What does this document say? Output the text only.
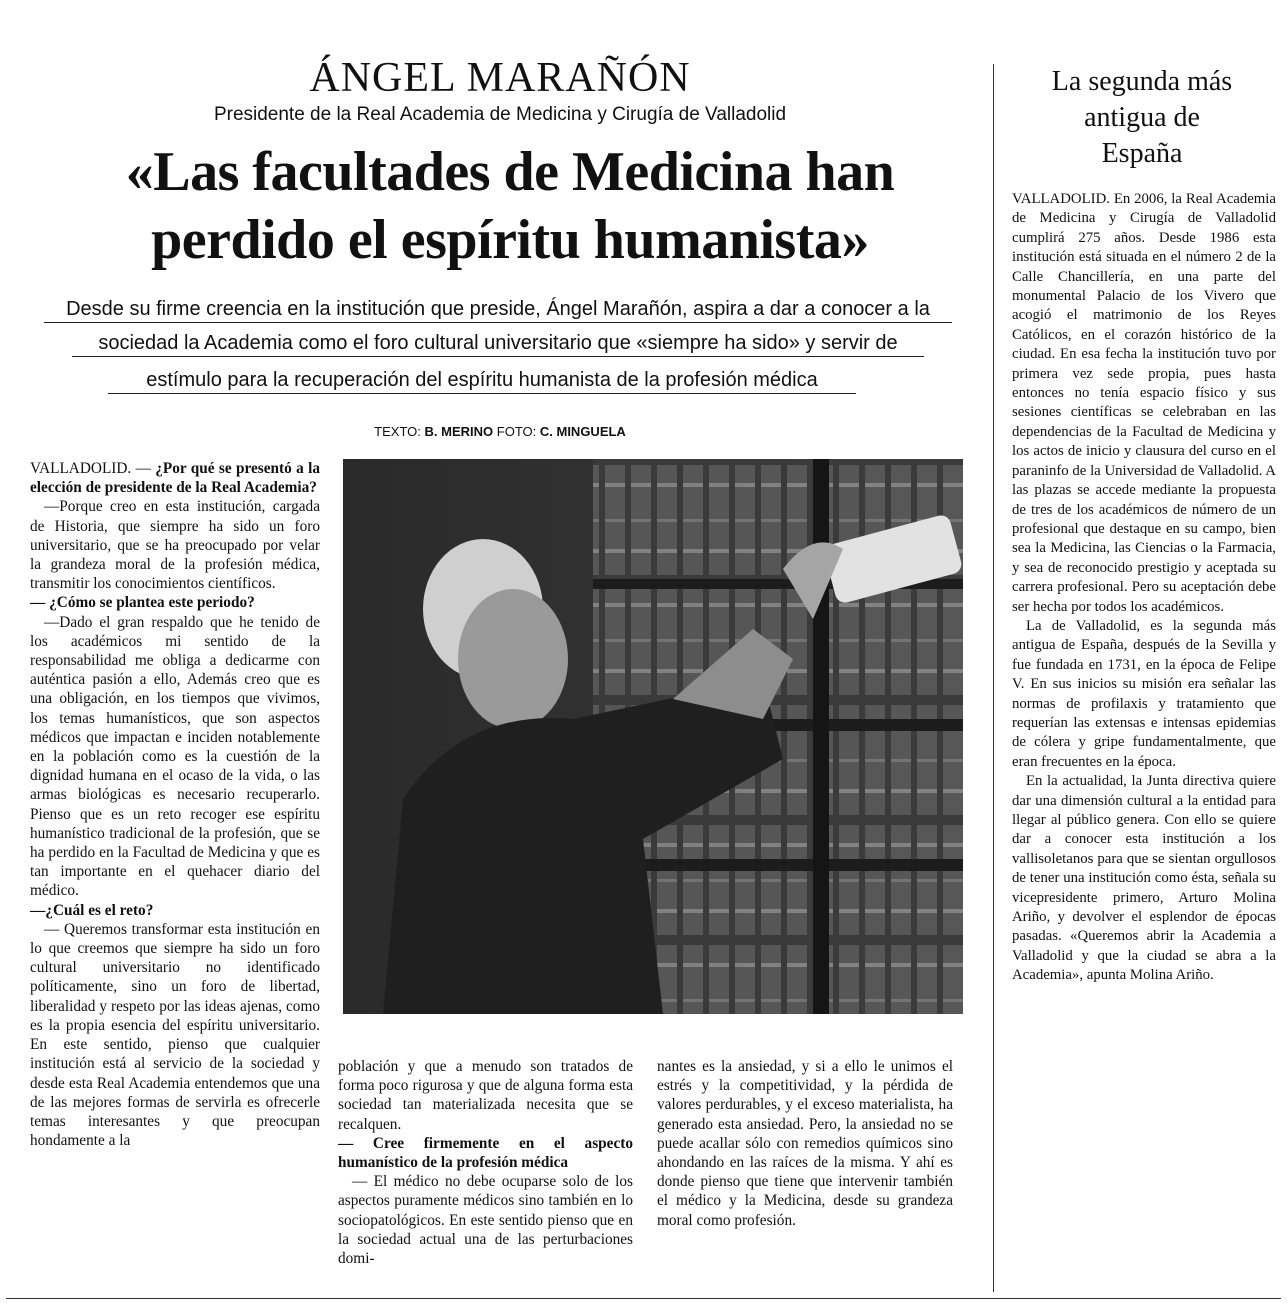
ÁNGEL MARAÑÓN
Presidente de la Real Academia de Medicina y Cirugía de Valladolid
«Las facultades de Medicina han
perdido el espíritu humanista»
Desde su firme creencia en la institución que preside, Ángel Marañón, aspira a dar a conocer a la
sociedad la Academia como el foro cultural universitario que «siempre ha sido» y servir de
estímulo para la recuperación del espíritu humanista de la profesión médica
TEXTO: B. MERINO FOTO: C. MINGUELA

VALLADOLID. — ¿Por qué se presentó a la elección de presidente de la Real Academia?

—Porque creo en esta institución, cargada de Historia, que siempre ha sido un foro universitario, que se ha preocupado por velar la grandeza moral de la profesión médica, transmitir los conocimientos científicos.

— ¿Cómo se plantea este periodo?

—Dado el gran respaldo que he tenido de los académicos mi sentido de la responsabilidad me obliga a dedicarme con auténtica pasión a ello, Además creo que es una obligación, en los tiempos que vivimos, los temas humanísticos, que son aspectos médicos que impactan e inciden notablemente en la población como es la cuestión de la dignidad humana en el ocaso de la vida, o las armas biológicas es necesario recuperarlo. Pienso que es un reto recoger ese espíritu humanístico tradicional de la profesión, que se ha perdido en la Facultad de Medicina y que es tan importante en el quehacer diario del médico.

—¿Cuál es el reto?

— Queremos transformar esta institución en lo que creemos que siempre ha sido un foro cultural universitario no identificado políticamente, sino un foro de libertad, liberalidad y respeto por las ideas ajenas, como es la propia esencia del espíritu universitario. En este sentido, pienso que cualquier institución está al servicio de la sociedad y desde esta Real Academia entendemos que una de las mejores formas de servirla es ofrecerle temas interesantes y que preocupan hondamente a la

población y que a menudo son tratados de forma poco rigurosa y que de alguna forma esta sociedad tan materializada necesita que se recalquen.

— Cree firmemente en el aspecto humanístico de la profesión médica

— El médico no debe ocuparse solo de los aspectos puramente médicos sino también en lo sociopatológicos. En este sentido pienso que en la sociedad actual una de las perturbaciones domi-

nantes es la ansiedad, y si a ello le unimos el estrés y la competitividad, y la pérdida de valores perdurables, y el exceso materialista, ha generado esta ansiedad. Pero, la ansiedad no se puede acallar sólo con remedios químicos sino ahondando en las raíces de la misma. Y ahí es donde pienso que tiene que intervenir también el médico y la Medicina, desde su grandeza moral como profesión.

La segunda más
antigua de
España

VALLADOLID. En 2006, la Real Academia de Medicina y Cirugía de Valladolid cumplirá 275 años. Desde 1986 esta institución está situada en el número 2 de la Calle Chancillería, en una parte del monumental Palacio de los Vivero que acogió el matrimonio de los Reyes Católicos, en el corazón histórico de la ciudad. En esa fecha la institución tuvo por primera vez sede propia, pues hasta entonces no tenía espacio físico y sus sesiones científicas se celebraban en las dependencias de la Facultad de Medicina y los actos de inicio y clausura del curso en el paraninfo de la Universidad de Valladolid. A las plazas se accede mediante la propuesta de tres de los académicos de número de un profesional que destaque en su campo, bien sea la Medicina, las Ciencias o la Farmacia, y sea de reconocido prestigio y aceptada su carrera profesional. Pero su aceptación debe ser hecha por todos los académicos.

La de Valladolid, es la segunda más antigua de España, después de la Sevilla y fue fundada en 1731, en la época de Felipe V. En sus inicios su misión era señalar las normas de profilaxis y tratamiento que requerían las extensas e intensas epidemias de cólera y gripe fundamentalmente, que eran frecuentes en la época.

En la actualidad, la Junta directiva quiere dar una dimensión cultural a la entidad para llegar al público genera. Con ello se quiere dar a conocer esta institución a los vallisoletanos para que se sientan orgullosos de tener una institución como ésta, señala su vicepresidente primero, Arturo Molina Ariño, y devolver el esplendor de épocas pasadas. «Queremos abrir la Academia a Valladolid y que la ciudad se abra a la Academia», apunta Molina Ariño.
